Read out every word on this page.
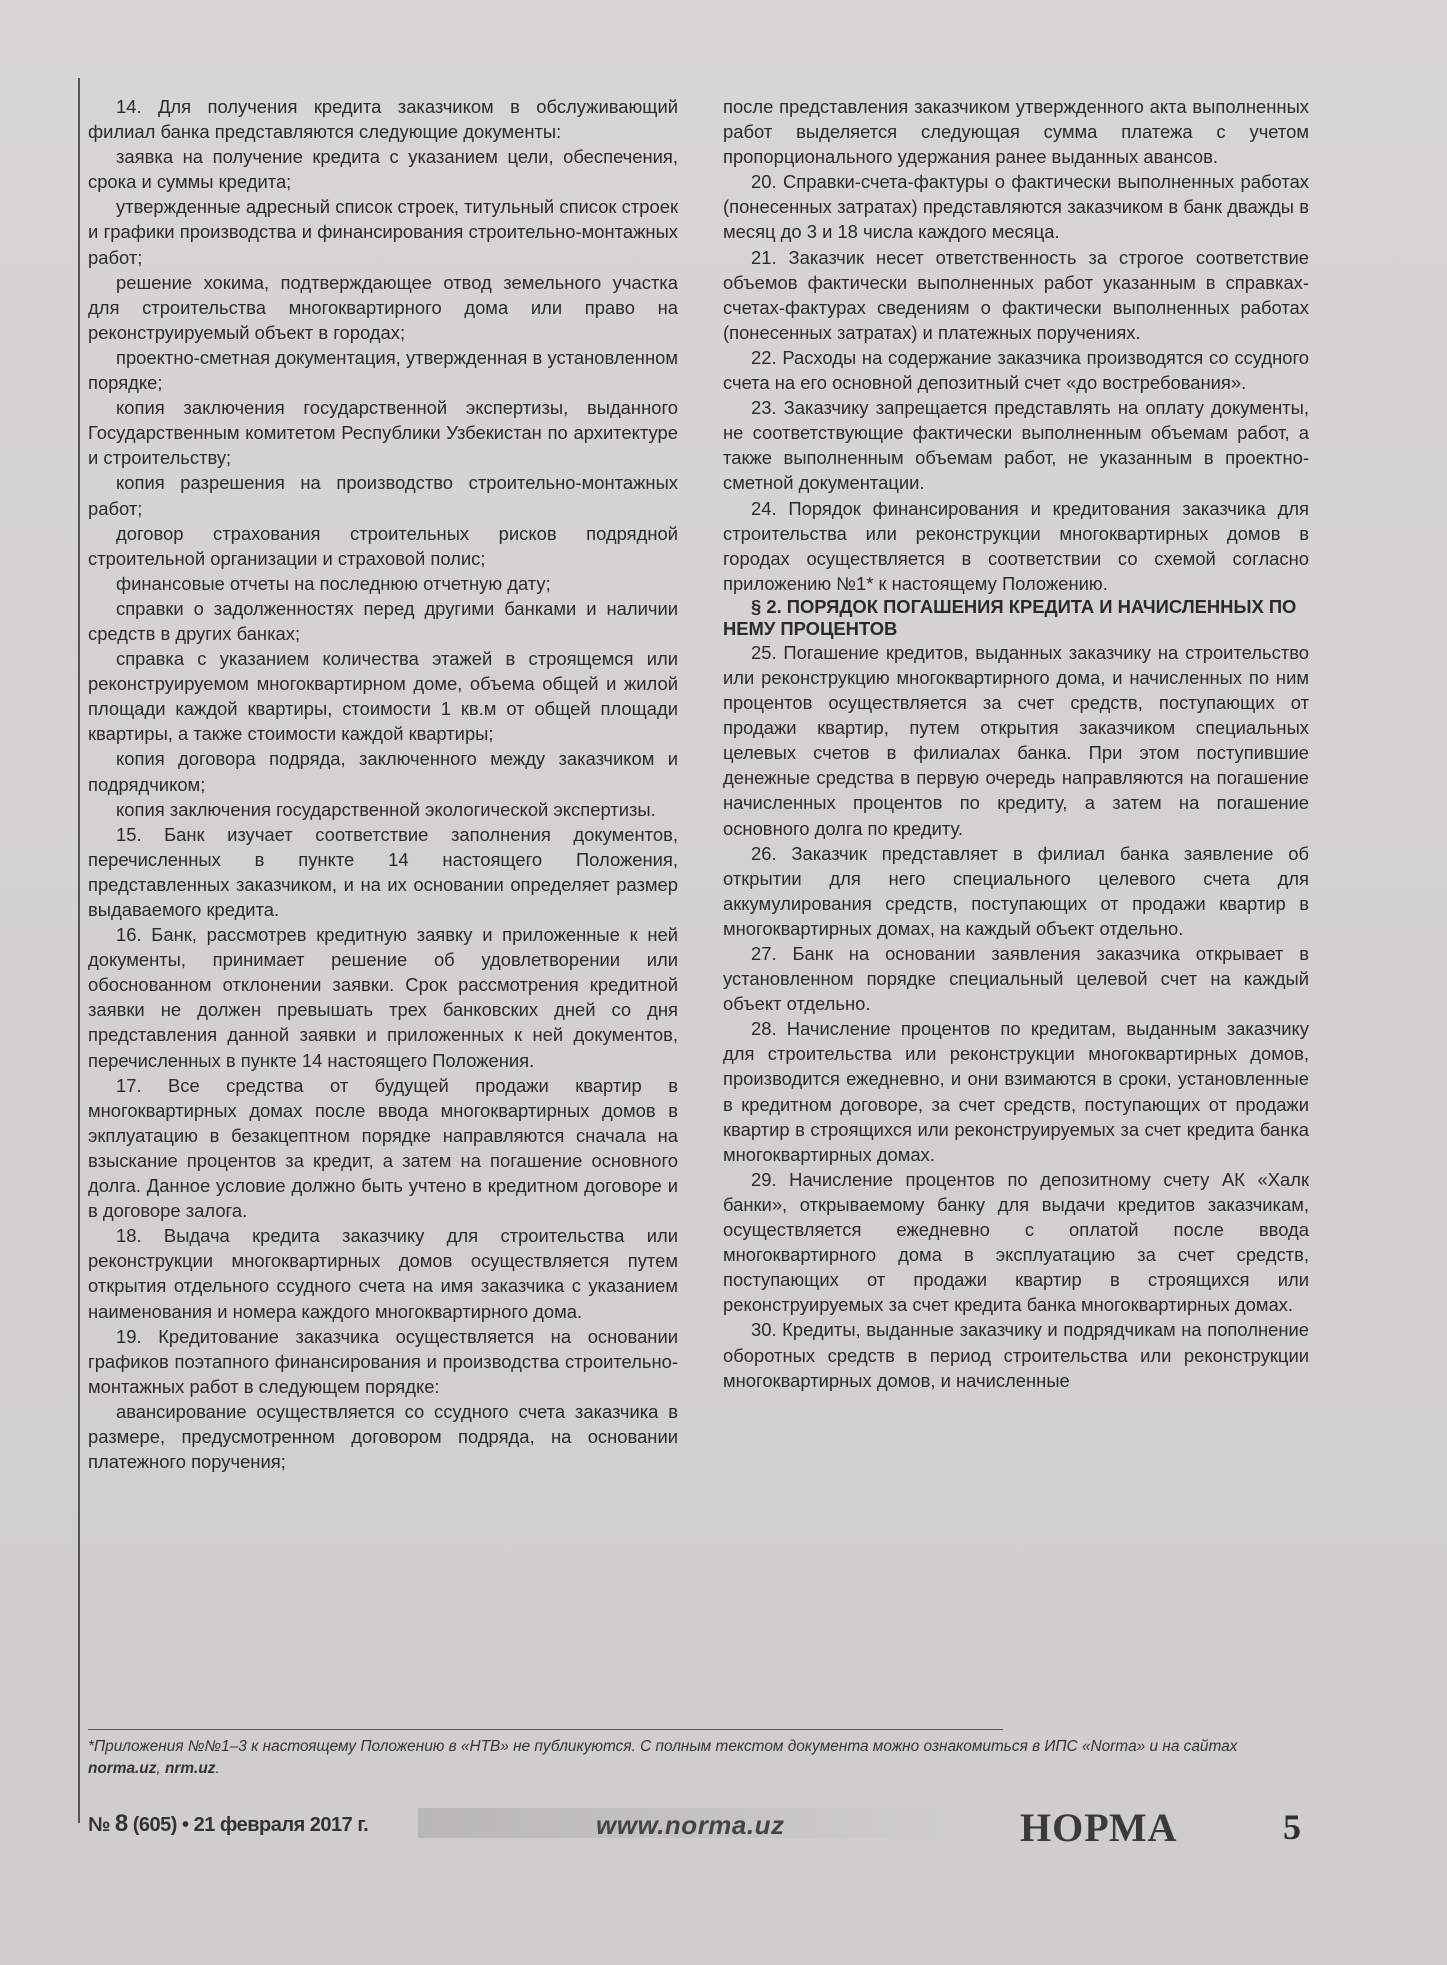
14. Для получения кредита заказчиком в обслуживающий филиал банка представляются следующие документы:

заявка на получение кредита с указанием цели, обеспечения, срока и суммы кредита;

утвержденные адресный список строек, титульный список строек и графики производства и финансирования строительно-монтажных работ;

решение хокима, подтверждающее отвод земельного участка для строительства многоквартирного дома или право на реконструируемый объект в городах;

проектно-сметная документация, утвержденная в установленном порядке;

копия заключения государственной экспертизы, выданного Государственным комитетом Республики Узбекистан по архитектуре и строительству;

копия разрешения на производство строительно-монтажных работ;

договор страхования строительных рисков подрядной строительной организации и страховой полис;

финансовые отчеты на последнюю отчетную дату;

справки о задолженностях перед другими банками и наличии средств в других банках;

справка с указанием количества этажей в строящемся или реконструируемом многоквартирном доме, объема общей и жилой площади каждой квартиры, стоимости 1 кв.м от общей площади квартиры, а также стоимости каждой квартиры;

копия договора подряда, заключенного между заказчиком и подрядчиком;

копия заключения государственной экологической экспертизы.

15. Банк изучает соответствие заполнения документов, перечисленных в пункте 14 настоящего Положения, представленных заказчиком, и на их основании определяет размер выдаваемого кредита.

16. Банк, рассмотрев кредитную заявку и приложенные к ней документы, принимает решение об удовлетворении или обоснованном отклонении заявки. Срок рассмотрения кредитной заявки не должен превышать трех банковских дней со дня представления данной заявки и приложенных к ней документов, перечисленных в пункте 14 настоящего Положения.

17. Все средства от будущей продажи квартир в многоквартирных домах после ввода многоквартирных домов в экплуатацию в безакцептном порядке направляются сначала на взыскание процентов за кредит, а затем на погашение основного долга. Данное условие должно быть учтено в кредитном договоре и в договоре залога.

18. Выдача кредита заказчику для строительства или реконструкции многоквартирных домов осуществляется путем открытия отдельного ссудного счета на имя заказчика с указанием наименования и номера каждого многоквартирного дома.

19. Кредитование заказчика осуществляется на основании графиков поэтапного финансирования и производства строительно-монтажных работ в следующем порядке:

авансирование осуществляется со ссудного счета заказчика в размере, предусмотренном договором подряда, на основании платежного поручения;

после представления заказчиком утвержденного акта выполненных работ выделяется следующая сумма платежа с учетом пропорционального удержания ранее выданных авансов.

20. Справки-счета-фактуры о фактически выполненных работах (понесенных затратах) представляются заказчиком в банк дважды в месяц до 3 и 18 числа каждого месяца.

21. Заказчик несет ответственность за строгое соответствие объемов фактически выполненных работ указанным в справках-счетах-фактурах сведениям о фактически выполненных работах (понесенных затратах) и платежных поручениях.

22. Расходы на содержание заказчика производятся со ссудного счета на его основной депозитный счет «до востребования».

23. Заказчику запрещается представлять на оплату документы, не соответствующие фактически выполненным объемам работ, а также выполненным объемам работ, не указанным в проектно-сметной документации.

24. Порядок финансирования и кредитования заказчика для строительства или реконструкции многоквартирных домов в городах осуществляется в соответствии со схемой согласно приложению №1* к настоящему Положению.

§ 2. ПОРЯДОК ПОГАШЕНИЯ КРЕДИТА И НАЧИСЛЕННЫХ ПО НЕМУ ПРОЦЕНТОВ

25. Погашение кредитов, выданных заказчику на строительство или реконструкцию многоквартирного дома, и начисленных по ним процентов осуществляется за счет средств, поступающих от продажи квартир, путем открытия заказчиком специальных целевых счетов в филиалах банка. При этом поступившие денежные средства в первую очередь направляются на погашение начисленных процентов по кредиту, а затем на погашение основного долга по кредиту.

26. Заказчик представляет в филиал банка заявление об открытии для него специального целевого счета для аккумулирования средств, поступающих от продажи квартир в многоквартирных домах, на каждый объект отдельно.

27. Банк на основании заявления заказчика открывает в установленном порядке специальный целевой счет на каждый объект отдельно.

28. Начисление процентов по кредитам, выданным заказчику для строительства или реконструкции многоквартирных домов, производится ежедневно, и они взимаются в сроки, установленные в кредитном договоре, за счет средств, поступающих от продажи квартир в строящихся или реконструируемых за счет кредита банка многоквартирных домах.

29. Начисление процентов по депозитному счету АК «Халк банки», открываемому банку для выдачи кредитов заказчикам, осуществляется ежедневно с оплатой после ввода многоквартирного дома в эксплуатацию за счет средств, поступающих от продажи квартир в строящихся или реконструируемых за счет кредита банка многоквартирных домах.

30. Кредиты, выданные заказчику и подрядчикам на пополнение оборотных средств в период строительства или реконструкции многоквартирных домов, и начисленные

*Приложения №№1–3 к настоящему Положению в «НТВ» не публикуются. С полным текстом документа можно ознакомиться в ИПС «Norma» и на сайтах norma.uz, nrm.uz.
№ 8 (605) • 21 февраля 2017 г.	www.norma.uz	НОРМА	5
